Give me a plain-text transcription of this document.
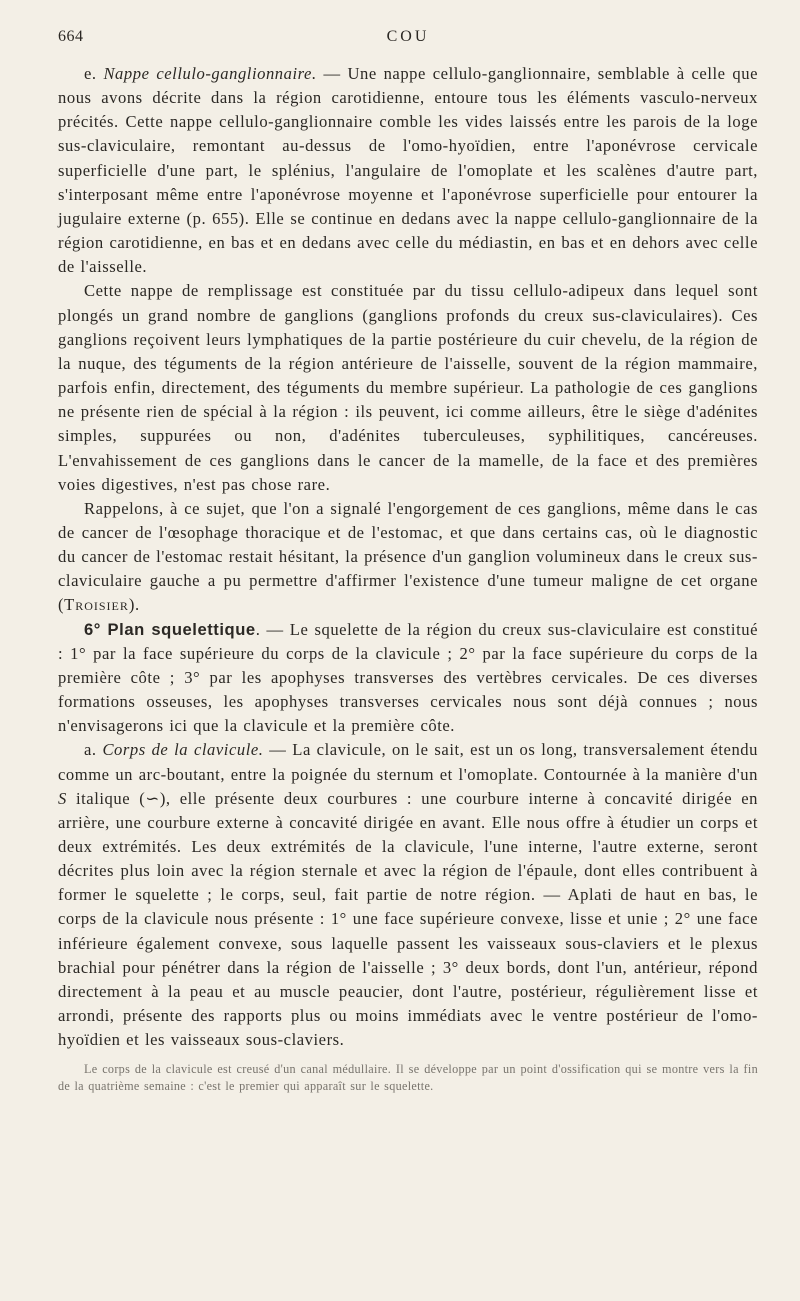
664	COU

e. Nappe cellulo-ganglionnaire. — Une nappe cellulo-ganglionnaire, semblable à celle que nous avons décrite dans la région carotidienne, entoure tous les éléments vasculo-nerveux précités. Cette nappe cellulo-ganglionnaire comble les vides laissés entre les parois de la loge sus-claviculaire, remontant au-dessus de l'omo-hyoïdien, entre l'aponévrose cervicale superficielle d'une part, le splénius, l'angulaire de l'omoplate et les scalènes d'autre part, s'interposant même entre l'aponévrose moyenne et l'aponévrose superficielle pour entourer la jugulaire externe (p. 655). Elle se continue en dedans avec la nappe cellulo-ganglionnaire de la région carotidienne, en bas et en dedans avec celle du médiastin, en bas et en dehors avec celle de l'aisselle.

Cette nappe de remplissage est constituée par du tissu cellulo-adipeux dans lequel sont plongés un grand nombre de ganglions (ganglions profonds du creux sus-claviculaires). Ces ganglions reçoivent leurs lymphatiques de la partie postérieure du cuir chevelu, de la région de la nuque, des téguments de la région antérieure de l'aisselle, souvent de la région mammaire, parfois enfin, directement, des téguments du membre supérieur. La pathologie de ces ganglions ne présente rien de spécial à la région : ils peuvent, ici comme ailleurs, être le siège d'adénites simples, suppurées ou non, d'adénites tuberculeuses, syphilitiques, cancéreuses. L'envahissement de ces ganglions dans le cancer de la mamelle, de la face et des premières voies digestives, n'est pas chose rare.

Rappelons, à ce sujet, que l'on a signalé l'engorgement de ces ganglions, même dans le cas de cancer de l'œsophage thoracique et de l'estomac, et que dans certains cas, où le diagnostic du cancer de l'estomac restait hésitant, la présence d'un ganglion volumineux dans le creux sus-claviculaire gauche a pu permettre d'affirmer l'existence d'une tumeur maligne de cet organe (Troisier).

6° Plan squelettique. — Le squelette de la région du creux sus-claviculaire est constitué : 1° par la face supérieure du corps de la clavicule ; 2° par la face supérieure du corps de la première côte ; 3° par les apophyses transverses des vertèbres cervicales. De ces diverses formations osseuses, les apophyses transverses cervicales nous sont déjà connues ; nous n'envisagerons ici que la clavicule et la première côte.

a. Corps de la clavicule. — La clavicule, on le sait, est un os long, transversalement étendu comme un arc-boutant, entre la poignée du sternum et l'omoplate. Contournée à la manière d'un S italique (∽), elle présente deux courbures : une courbure interne à concavité dirigée en arrière, une courbure externe à concavité dirigée en avant. Elle nous offre à étudier un corps et deux extrémités. Les deux extrémités de la clavicule, l'une interne, l'autre externe, seront décrites plus loin avec la région sternale et avec la région de l'épaule, dont elles contribuent à former le squelette ; le corps, seul, fait partie de notre région. — Aplati de haut en bas, le corps de la clavicule nous présente : 1° une face supérieure convexe, lisse et unie ; 2° une face inférieure également convexe, sous laquelle passent les vaisseaux sous-claviers et le plexus brachial pour pénétrer dans la région de l'aisselle ; 3° deux bords, dont l'un, antérieur, répond directement à la peau et au muscle peaucier, dont l'autre, postérieur, régulièrement lisse et arrondi, présente des rapports plus ou moins immédiats avec le ventre postérieur de l'omo-hyoïdien et les vaisseaux sous-claviers.

Le corps de la clavicule est creusé d'un canal médullaire. Il se développe par un point d'ossification qui se montre vers la fin de la quatrième semaine : c'est le premier qui apparaît sur le squelette.
